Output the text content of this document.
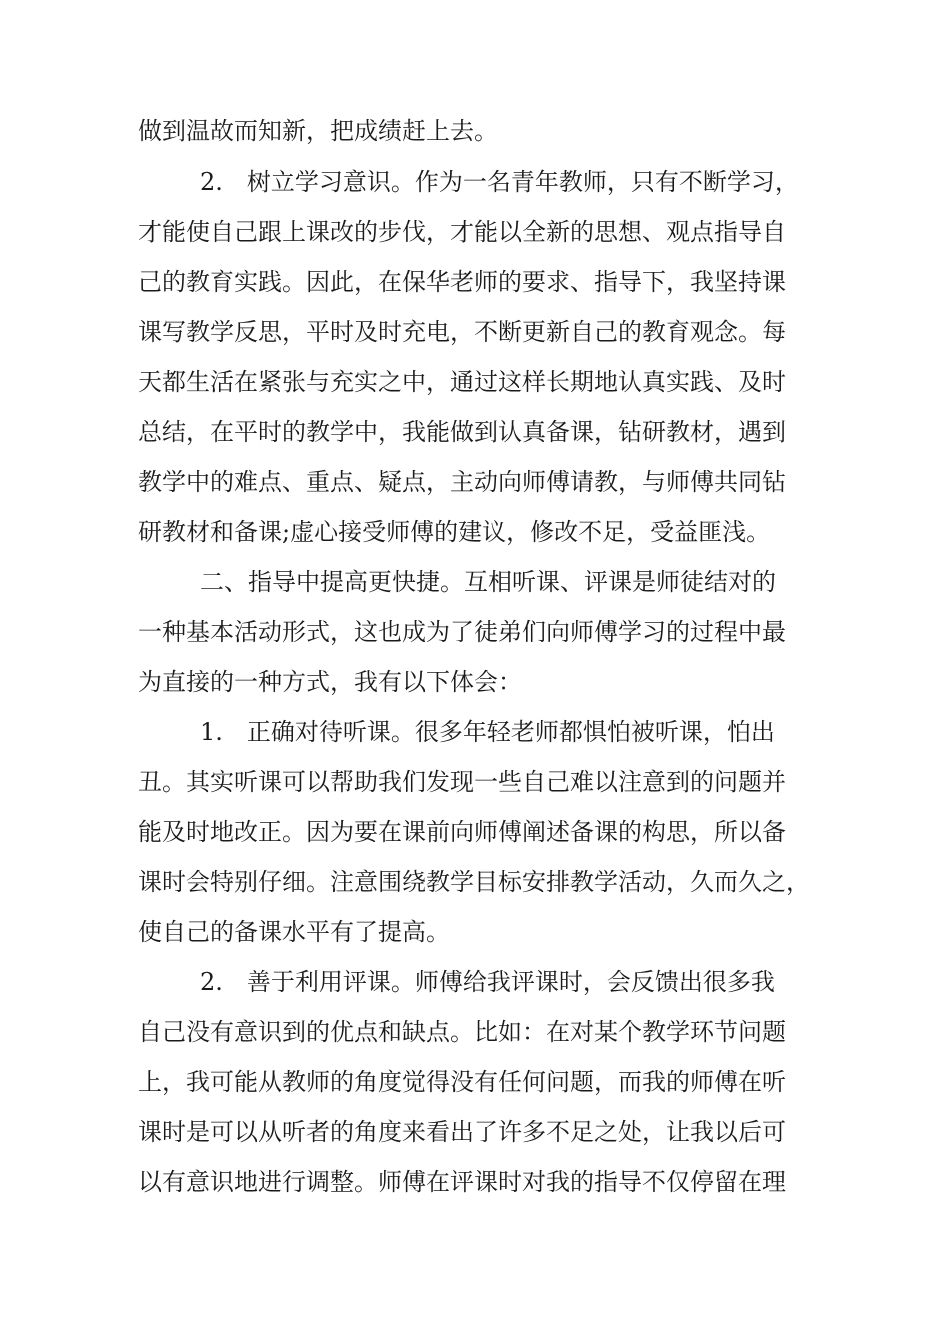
做到温故而知新，把成绩赶上去。
2.　树立学习意识。作为一名青年教师，只有不断学习，
才能使自己跟上课改的步伐，才能以全新的思想、观点指导自
己的教育实践。因此，在保华老师的要求、指导下，我坚持课
课写教学反思，平时及时充电，不断更新自己的教育观念。每
天都生活在紧张与充实之中，通过这样长期地认真实践、及时
总结，在平时的教学中，我能做到认真备课，钻研教材，遇到
教学中的难点、重点、疑点，主动向师傅请教，与师傅共同钻
研教材和备课;虚心接受师傅的建议，修改不足，受益匪浅。
二、指导中提高更快捷。互相听课、评课是师徒结对的
一种基本活动形式，这也成为了徒弟们向师傅学习的过程中最
为直接的一种方式，我有以下体会：
1.　正确对待听课。很多年轻老师都惧怕被听课，怕出
丑。其实听课可以帮助我们发现一些自己难以注意到的问题并
能及时地改正。因为要在课前向师傅阐述备课的构思，所以备
课时会特别仔细。注意围绕教学目标安排教学活动，久而久之，
使自己的备课水平有了提高。
2.　善于利用评课。师傅给我评课时，会反馈出很多我
自己没有意识到的优点和缺点。比如：在对某个教学环节问题
上，我可能从教师的角度觉得没有任何问题，而我的师傅在听
课时是可以从听者的角度来看出了许多不足之处，让我以后可
以有意识地进行调整。师傅在评课时对我的指导不仅停留在理
